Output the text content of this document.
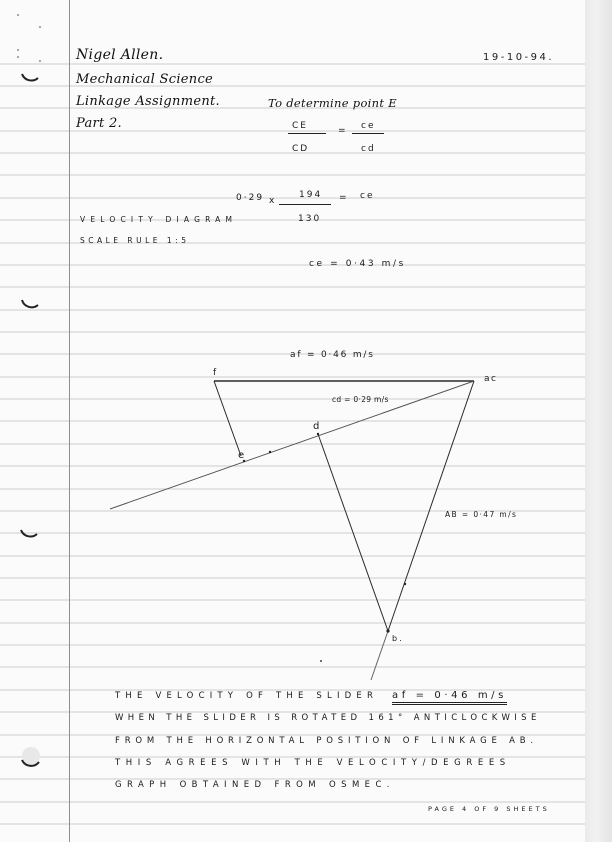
Nigel Allen.
Mechanical Science
Linkage Assignment.
Part 2.
19-10-94.
To determine point E
CE
CD
= ce
cd
0·29 x
194
130
= ce
VELOCITY DIAGRAM
SCALE RULE 1:5
ce = 0·43 m/s
af = 0·46 m/s
f
ac
d
e
b.
cd = 0·29 m/s
AB = 0·47 m/s
THE VELOCITY OF THE SLIDER af = 0·46 m/s
WHEN THE SLIDER IS ROTATED 161° ANTICLOCKWISE
FROM THE HORIZONTAL POSITION OF LINKAGE AB.
THIS AGREES WITH THE VELOCITY/DEGREES
GRAPH OBTAINED FROM OSMEC.
PAGE 4 OF 9 SHEETS
